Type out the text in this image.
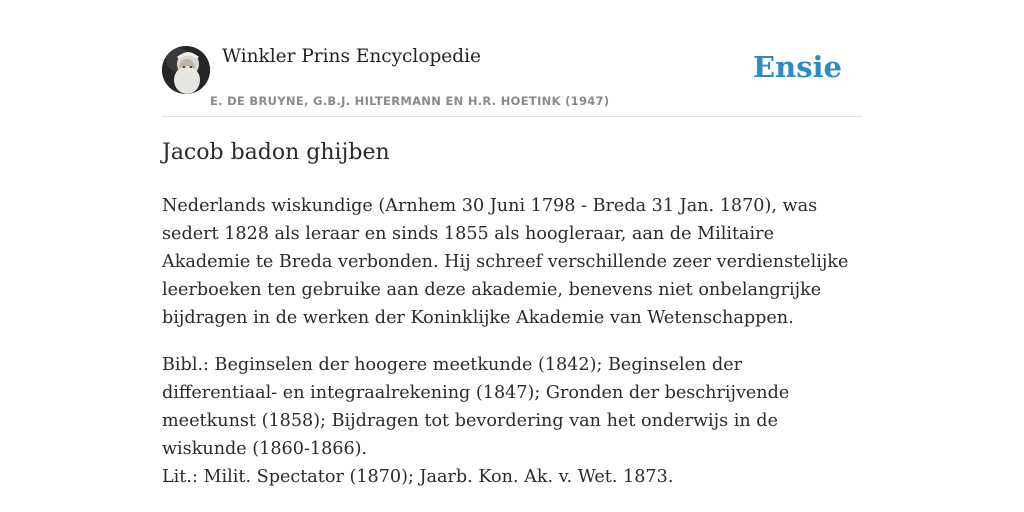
Winkler Prins Encyclopedie
E. DE BRUYNE, G.B.J. HILTERMANN EN H.R. HOETINK (1947)
Ensie
Jacob badon ghijben

Nederlands wiskundige (Arnhem 30 Juni 1798 - Breda 31 Jan. 1870), was sedert 1828 als leraar en sinds 1855 als hoogleraar, aan de Militaire Akademie te Breda verbonden. Hij schreef verschillende zeer verdienstelijke leerboeken ten gebruike aan deze akademie, benevens niet onbelangrijke bijdragen in de werken der Koninklijke Akademie van Wetenschappen.

Bibl.: Beginselen der hoogere meetkunde (1842); Beginselen der differentiaal- en integraalrekening (1847); Gronden der beschrijvende meetkunst (1858); Bijdragen tot bevordering van het onderwijs in de wiskunde (1860-1866).

Lit.: Milit. Spectator (1870); Jaarb. Kon. Ak. v. Wet. 1873.
